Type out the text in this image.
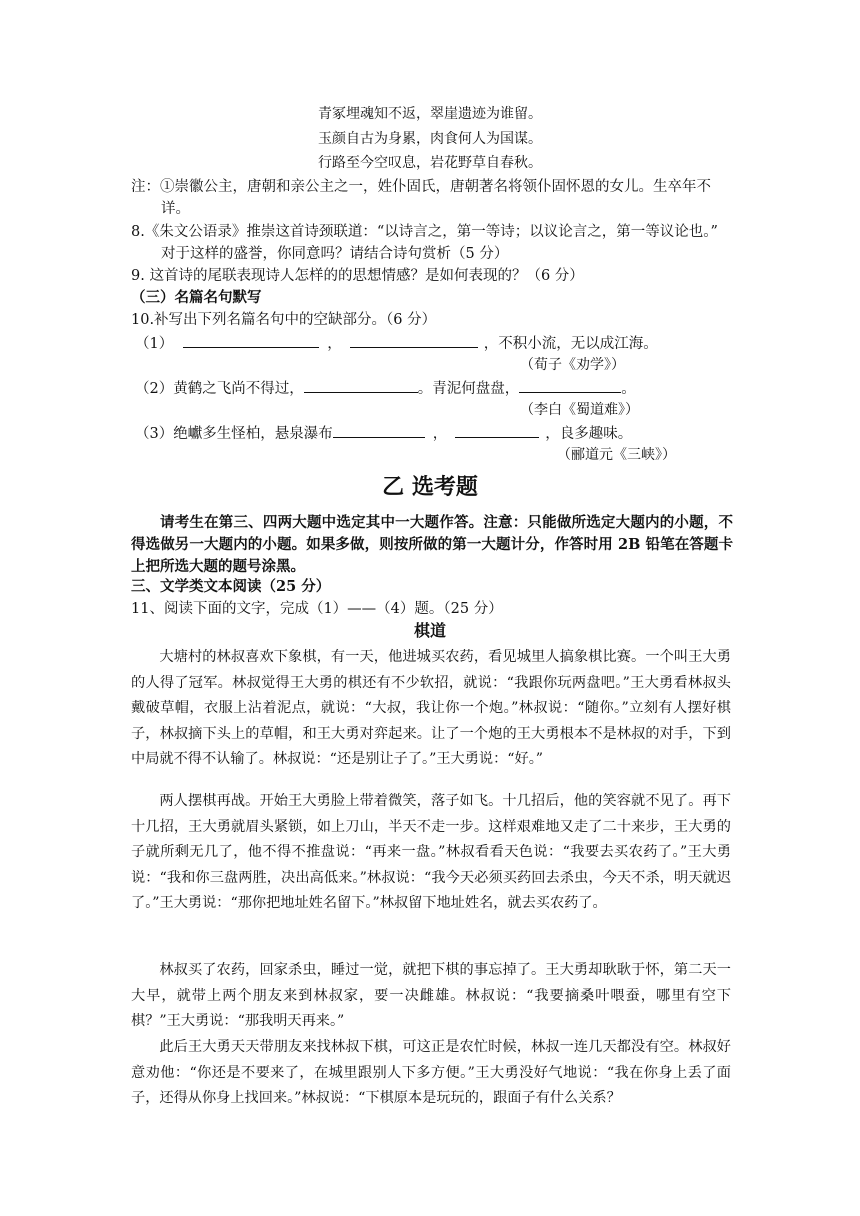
青冢埋魂知不返，翠崖遗迹为谁留。
玉颜自古为身累，肉食何人为国谋。
行路至今空叹息，岩花野草自春秋。
注：①崇徽公主，唐朝和亲公主之一，姓仆固氏，唐朝著名将领仆固怀恩的女儿。生卒年不
详。
8.《朱文公语录》推崇这首诗颈联道：“以诗言之，第一等诗；以议论言之，第一等议论也。”
对于这样的盛誉，你同意吗？请结合诗句赏析（5 分）
9. 这首诗的尾联表现诗人怎样的的思想情感？是如何表现的？（6 分）
（三）名篇名句默写
10.补写出下列名篇名句中的空缺部分。（6 分）
（1）	，	，不积小流，无以成江海。
（荀子《劝学》）
（2）黄鹤之飞尚不得过，	。青泥何盘盘，	。
（李白《蜀道难》）
（3）绝巘多生怪柏，悬泉瀑布	，	，良多趣味。
（郦道元《三峡》）
乙 选考题

请考生在第三、四两大题中选定其中一大题作答。注意：只能做所选定大题内的小题，不得选做另一大题内的小题。如果多做，则按所做的第一大题计分，作答时用 2B 铅笔在答题卡上把所选大题的题号涂黑。

三、文学类文本阅读（25 分）
11、阅读下面的文字，完成（1）——（4）题。（25 分）
棋道

大塘村的林叔喜欢下象棋，有一天，他进城买农药，看见城里人搞象棋比赛。一个叫王大勇的人得了冠军。林叔觉得王大勇的棋还有不少软招，就说：“我跟你玩两盘吧。”王大勇看林叔头戴破草帽，衣服上沾着泥点，就说：“大叔，我让你一个炮。”林叔说：“随你。”立刻有人摆好棋子，林叔摘下头上的草帽，和王大勇对弈起来。让了一个炮的王大勇根本不是林叔的对手，下到中局就不得不认输了。林叔说：“还是别让子了。”王大勇说：“好。”

两人摆棋再战。开始王大勇脸上带着微笑，落子如飞。十几招后，他的笑容就不见了。再下十几招，王大勇就眉头紧锁，如上刀山，半天不走一步。这样艰难地又走了二十来步，王大勇的子就所剩无几了，他不得不推盘说：“再来一盘。”林叔看看天色说：“我要去买农药了。”王大勇说：“我和你三盘两胜，决出高低来。”林叔说：“我今天必须买药回去杀虫，今天不杀，明天就迟了。”王大勇说：“那你把地址姓名留下。”林叔留下地址姓名，就去买农药了。

林叔买了农药，回家杀虫，睡过一觉，就把下棋的事忘掉了。王大勇却耿耿于怀，第二天一大早，就带上两个朋友来到林叔家，要一决雌雄。林叔说：“我要摘桑叶喂蚕，哪里有空下棋？”王大勇说：“那我明天再来。”

此后王大勇天天带朋友来找林叔下棋，可这正是农忙时候，林叔一连几天都没有空。林叔好意劝他：“你还是不要来了，在城里跟别人下多方便。”王大勇没好气地说：“我在你身上丢了面子，还得从你身上找回来。”林叔说：“下棋原本是玩玩的，跟面子有什么关系？
